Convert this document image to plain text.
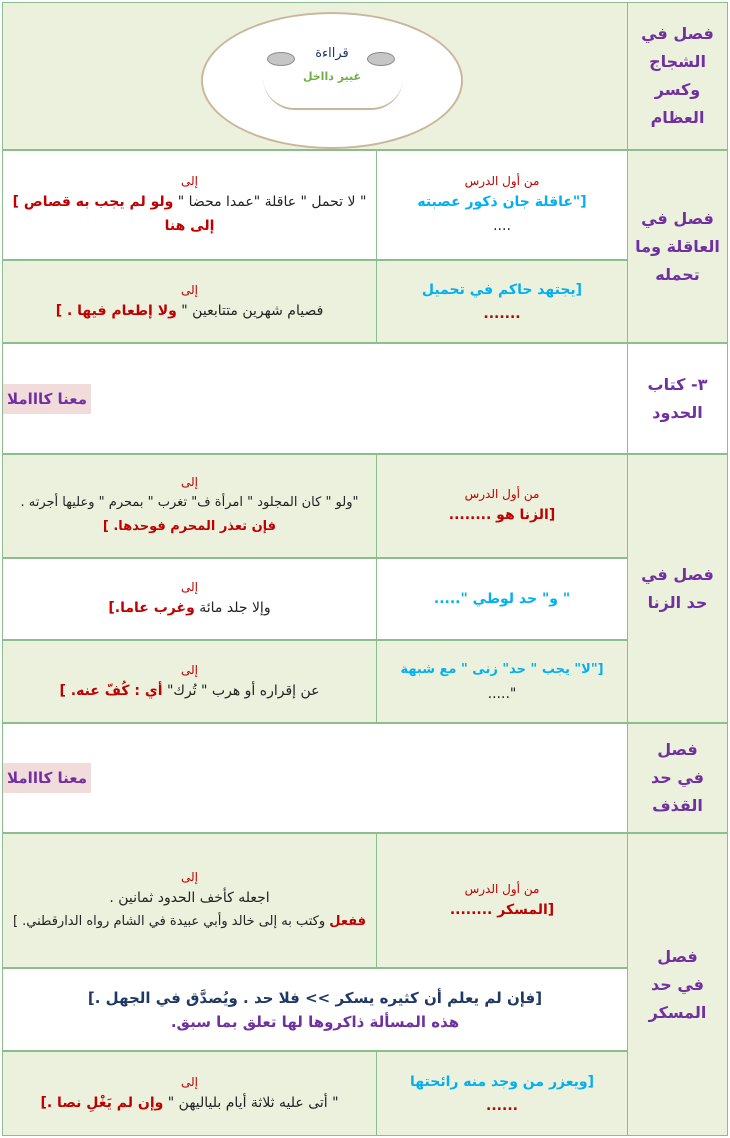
فصل في الشجاج وكسر العظام
قرااءة
غيير دااخل
فصل في العاقلة وما تحمله
من أول الدرس
["عاقلة جان ذكور عصبته
....
إلى
" لا تحمل " عاقلة "عمدا محضا " ولو لم يجب به قصاص ] إلى هنا
[يجتهد حاكم في تحميل
.......
إلى
فصيام شهرين متتابعين " ولا إطعام فيها . ]
٣- كتاب الحدود
معنا كاااملا
فصل في حد الزنا
من أول الدرس
[الزنا هو ........
إلى
"ولو " كان المجلود " امرأة ف" تغرب " بمحرم " وعليها أجرته . فإن تعذر المحرم فوحدها. ]
" و" حد لوطي ".....
إلى
وإلا جلد مائة وغرب عاما.]
["لا" يجب " حد" زنى " مع شبهة
".....
إلى
عن إقراره أو هرب " تُرك" أي : كُفّ عنه. ]
فصل في حد القذف
معنا كاااملا
فصل في حد المسكر
من أول الدرس
[المسكر ........
إلى
اجعله كأخف الحدود ثمانين .
ففعل وكتب به إلى خالد وأبي عبيدة في الشام رواه الدارقطني. ]
[فإن لم يعلم أن كثيره يسكر >> فلا حد . ويُصدَّق في الجهل .]
هذه المسألة ذاكروها لها تعلق بما سبق.
[ويعزر من وجد منه رائحتها
......
إلى
" أتى عليه ثلاثة أيام بلياليهن " وإن لم يَغْلِ نصا .]
